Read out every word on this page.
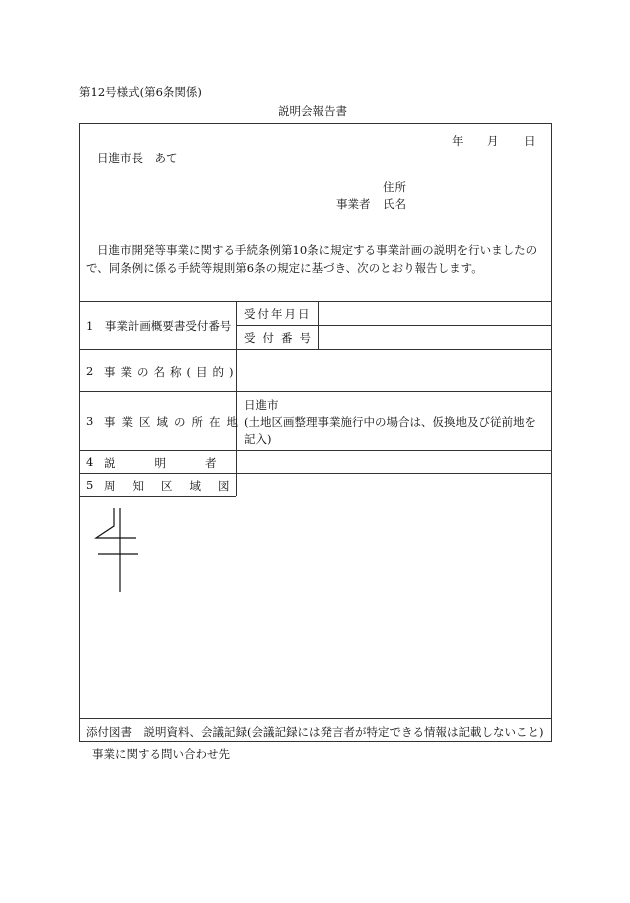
第12号様式(第6条関係)
説明会報告書
年 月 日
日進市長　あて
住所
事業者 氏名
日進市開発等事業に関する手続条例第10条に規定する事業計画の説明を行いましたの
で、同条例に係る手続等規則第6条の規定に基づき、次のとおり報告します。
1　事業計画概要書受付番号
受付年月日
受付番号
2 事業の名称(目的)
3 事業区域の所在地
日進市
(土地区画整理事業施行中の場合は、仮換地及び従前地を
記入)
4 説明者
5 周知区域図
添付図書　説明資料、会議記録(会議記録には発言者が特定できる情報は記載しないこと)
事業に関する問い合わせ先
